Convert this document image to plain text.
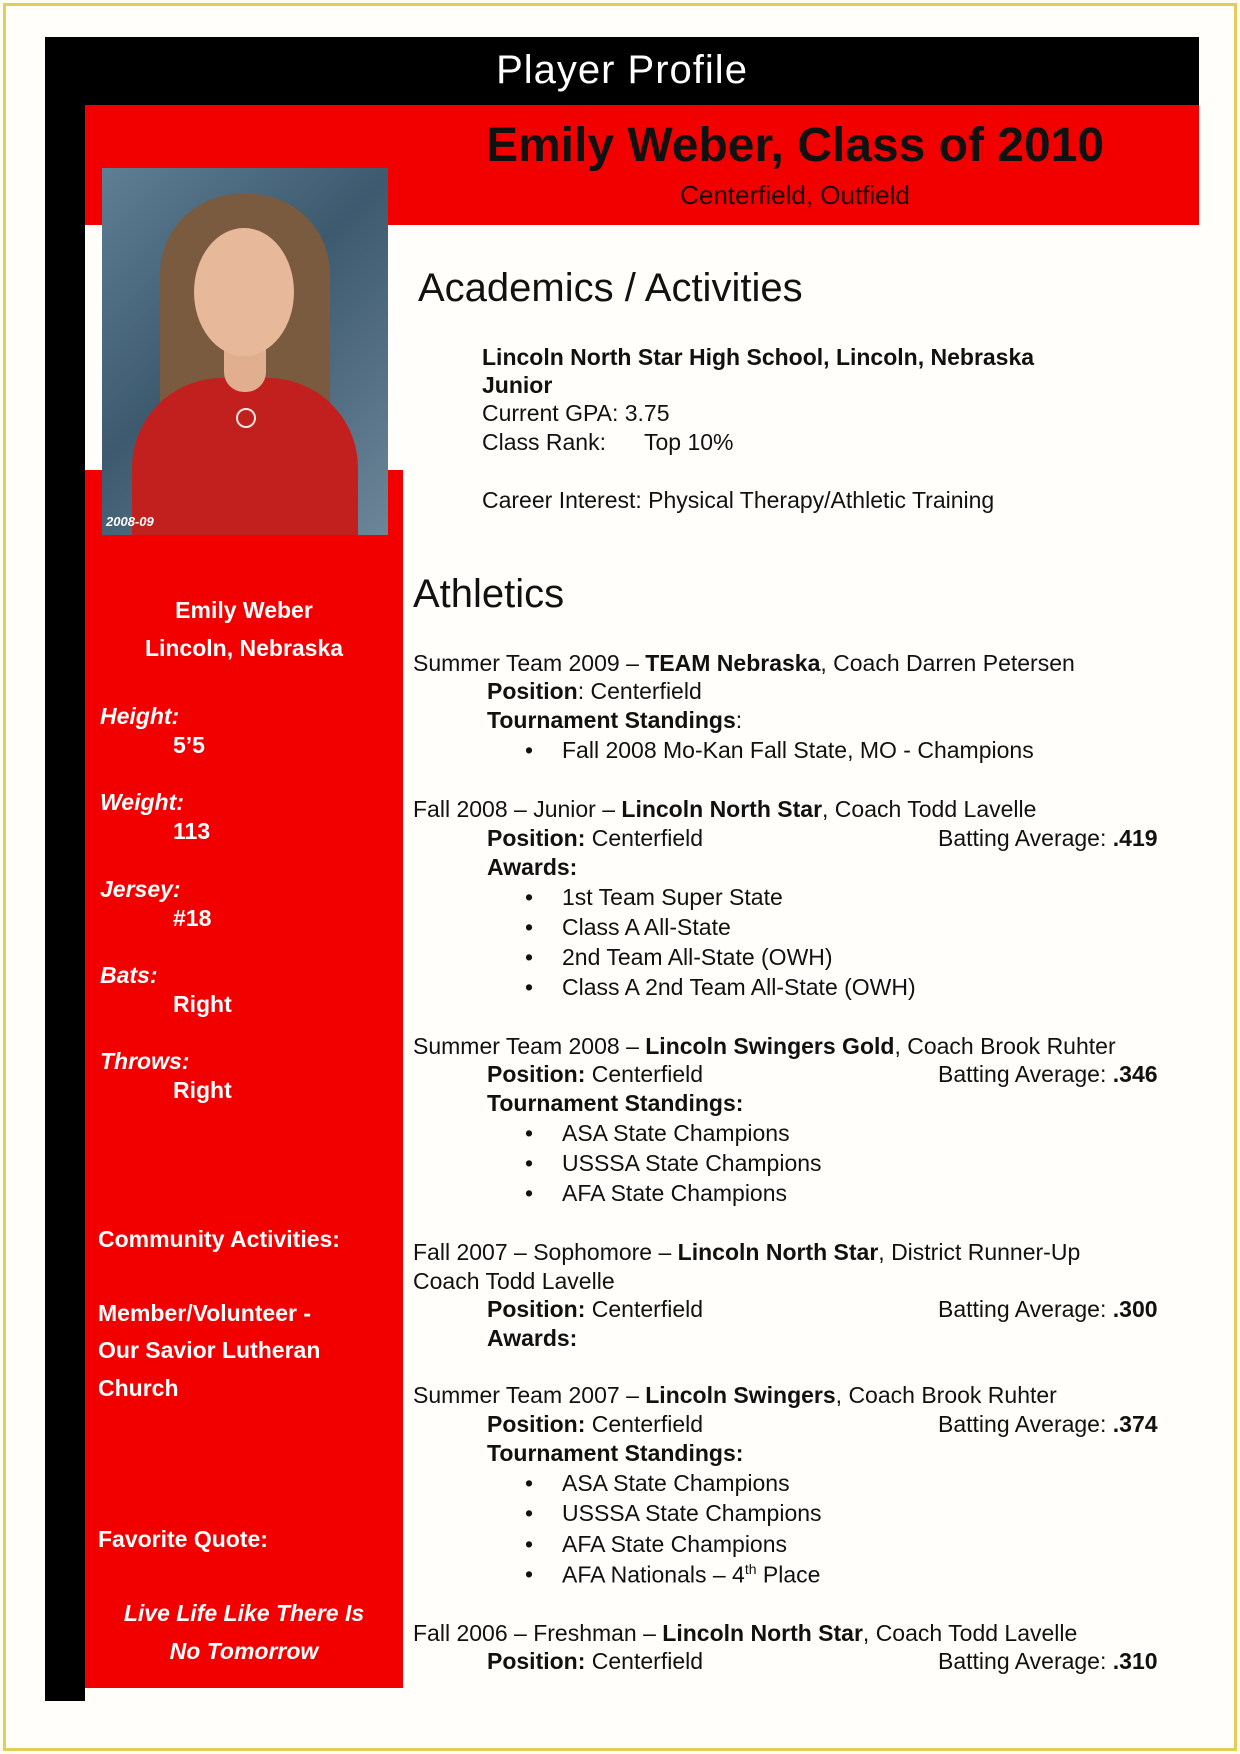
Player Profile
Emily Weber, Class of 2010
Centerfield, Outfield
2008-09
Emily Weber
Lincoln, Nebraska
Height:
5’5
Weight:
113
Jersey:
#18
Bats:
Right
Throws:
Right
Community Activities:
Member/Volunteer -
Our Savior Lutheran
Church
Favorite Quote:
Live Life Like There Is
No Tomorrow
Academics / Activities
Lincoln North Star High School, Lincoln, Nebraska
Junior
Current GPA: 3.75
Class Rank: Top 10%
Career Interest: Physical Therapy/Athletic Training
Athletics
Summer Team 2009 – TEAM Nebraska, Coach Darren Petersen
Position: Centerfield
Tournament Standings:
• Fall 2008 Mo-Kan Fall State, MO - Champions
Fall 2008 – Junior – Lincoln North Star, Coach Todd Lavelle
Position: Centerfield	Batting Average: .419
Awards:
• 1st Team Super State
• Class A All-State
• 2nd Team All-State (OWH)
• Class A 2nd Team All-State (OWH)
Summer Team 2008 – Lincoln Swingers Gold, Coach Brook Ruhter
Position: Centerfield	Batting Average: .346
Tournament Standings:
• ASA State Champions
• USSSA State Champions
• AFA State Champions
Fall 2007 – Sophomore – Lincoln North Star, District Runner-Up
Coach Todd Lavelle
Position: Centerfield	Batting Average: .300
Awards:
Summer Team 2007 – Lincoln Swingers, Coach Brook Ruhter
Position: Centerfield	Batting Average: .374
Tournament Standings:
• ASA State Champions
• USSSA State Champions
• AFA State Champions
• AFA Nationals – 4th Place
Fall 2006 – Freshman – Lincoln North Star, Coach Todd Lavelle
Position: Centerfield	Batting Average: .310
